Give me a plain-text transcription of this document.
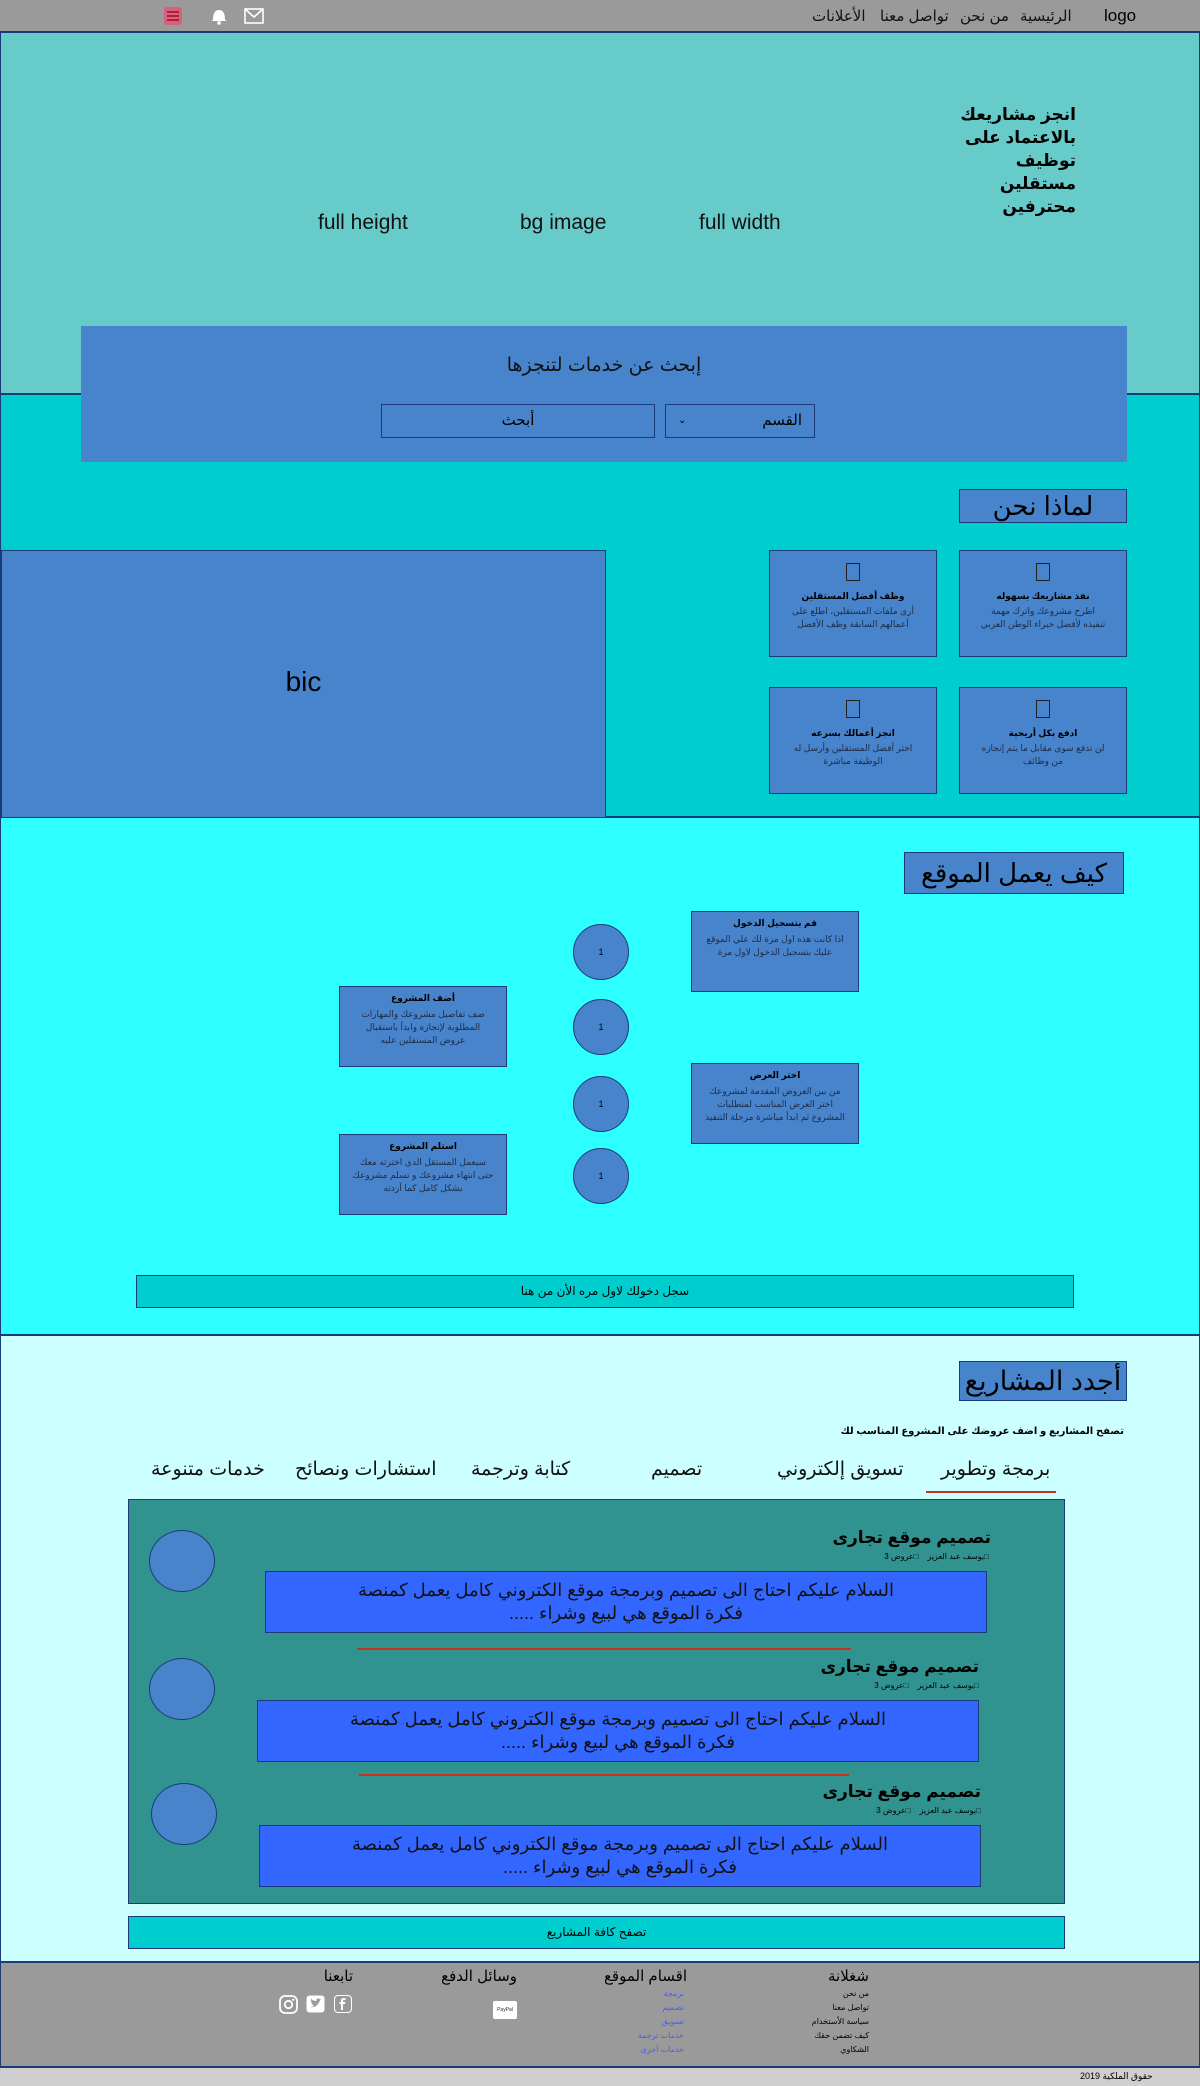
logo
الرئيسية
من نحن
تواصل معنا
الأعلانات
انجز مشاريعك
بالاعتماد على
توظيف مستقلين
محترفين
full height	bg image	full width
لماذا نحن
bic
نفذ مشاريعك بسهوله
اطرح مشروعك واترك مهمة تنفيذه لأفضل خبراء الوطن العربي
وظف أفضل المستقلين
أرى ملفات المستقلين، اطلع على أعمالهم السابقة وظف الأفضل
ادفع بكل أريحية
لن تدفع سوى مقابل ما يتم إنجازه من وظائف
انجز أعمالك بسرعه
اختر أفضل المستقلين وأرسل له الوظيفة مباشرة
إبحث عن خدمات لتنجزها
أبحث	القسم
⌄
كيف يعمل الموقع
قم بتسجيل الدخول
اذا كانت هذه اول مرة لك علي الموقع عليك بتسجيل الدخول لاول مرة
أضف المشروع
ضف تفاصيل مشروعك والمهارات المطلوبة لإنجازه وابدأ باستقبال عروض المستقلين عليه
اختر العرض
من بين العروض المقدمة لمشروعك اختر العرض المناسب لمتطلبات المشروع ثم ابدأ مباشرة مرحلة التنفيذ
استلم المشروع
سيعمل المستقل الذي اخترته معك حتى انتهاء مشروعك و تسلم مشروعك بشكل كامل كما أردته
1
1
1
1
سجل دخولك لاول مره الأن من هنا
أجدد المشاريع
تصفح المشاريع و اضف عروضك على المشروع المناسب لك
برمجة وتطوير
تسويق إلكتروني
تصميم
كتابة وترجمة
استشارات ونصائح
خدمات متنوعة
تصميم موقع تجارى
□يوسف عبد العزيز    □عروض 3
السلام عليكم احتاج الى تصميم وبرمجة موقع الكتروني كامل يعمل كمنصة
فكرة الموقع هي لبيع وشراء .....
تصميم موقع تجارى
□يوسف عبد العزيز    □عروض 3
السلام عليكم احتاج الى تصميم وبرمجة موقع الكتروني كامل يعمل كمنصة
فكرة الموقع هي لبيع وشراء .....
تصميم موقع تجارى
□يوسف عبد العزيز    □عروض 3
السلام عليكم احتاج الى تصميم وبرمجة موقع الكتروني كامل يعمل كمنصة
فكرة الموقع هي لبيع وشراء .....
تصفح كافة المشاريع
شغلانة
من نحن
تواصل معنا
سياسة الأستخدام
كيف تضمن حقك
الشكاوي
اقسام الموقع
برمجة
تصميم
تسويق
خدمات ترجمة
خدمات أخرى
وسائل الدفع
PayPal
تابعنا
حقوق الملكية 2019
